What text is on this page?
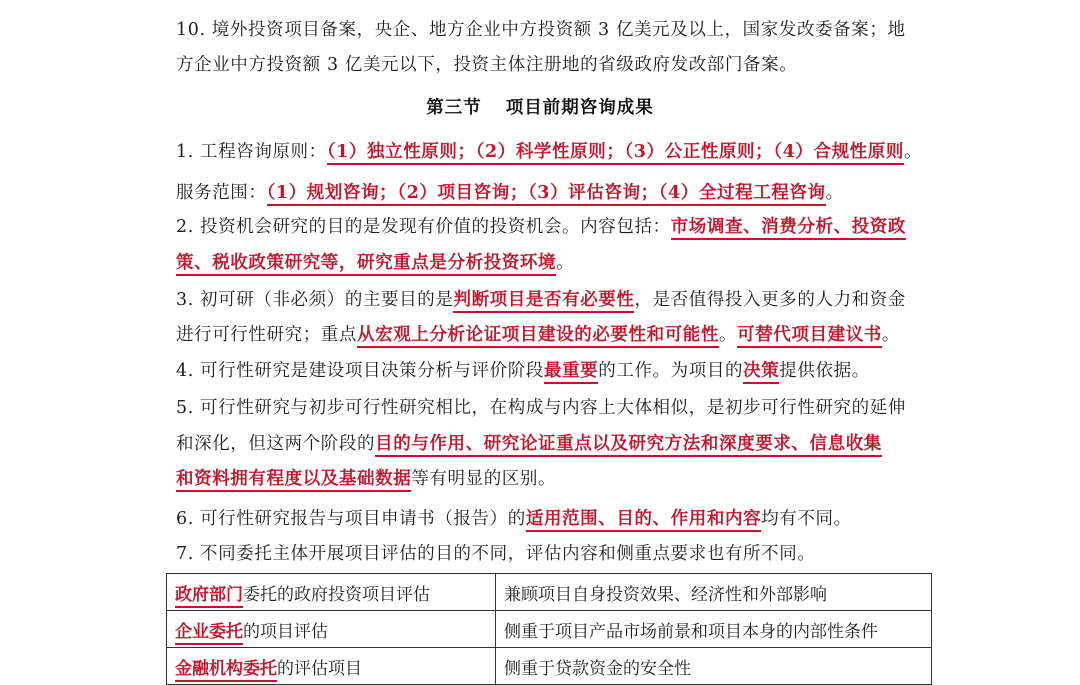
10. 境外投资项目备案，央企、地方企业中方投资额 3 亿美元及以上，国家发改委备案；地
方企业中方投资额 3 亿美元以下，投资主体注册地的省级政府发改部门备案。
第三节 项目前期咨询成果
1. 工程咨询原则：（1）独立性原则；（2）科学性原则；（3）公正性原则；（4）合规性原则。
服务范围：（1）规划咨询；（2）项目咨询；（3）评估咨询；（4）全过程工程咨询。
2. 投资机会研究的目的是发现有价值的投资机会。内容包括：市场调查、消费分析、投资政
策、税收政策研究等，研究重点是分析投资环境。
3. 初可研（非必须）的主要目的是判断项目是否有必要性，是否值得投入更多的人力和资金
进行可行性研究；重点从宏观上分析论证项目建设的必要性和可能性。可替代项目建议书。
4. 可行性研究是建设项目决策分析与评价阶段最重要的工作。为项目的决策提供依据。
5. 可行性研究与初步可行性研究相比，在构成与内容上大体相似，是初步可行性研究的延伸
和深化，但这两个阶段的目的与作用、研究论证重点以及研究方法和深度要求、信息收集
和资料拥有程度以及基础数据等有明显的区别。
6. 可行性研究报告与项目申请书（报告）的适用范围、目的、作用和内容均有不同。
7. 不同委托主体开展项目评估的目的不同，评估内容和侧重点要求也有所不同。
政府部门委托的政府投资项目评估	兼顾项目自身投资效果、经济性和外部影响
企业委托的项目评估	侧重于项目产品市场前景和项目本身的内部性条件
金融机构委托的评估项目	侧重于贷款资金的安全性
